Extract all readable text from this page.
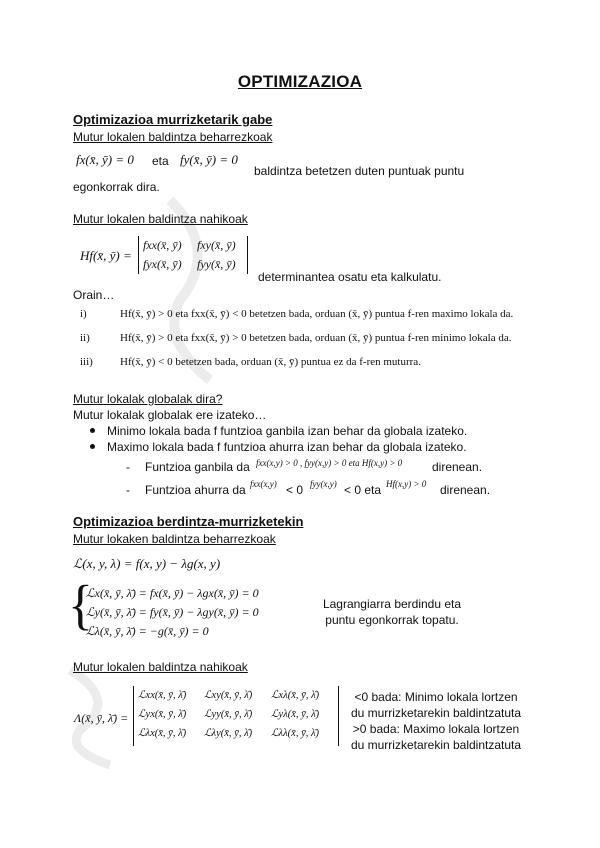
OPTIMIZAZIOA
Optimizazioa murrizketarik gabe
Mutur lokalen baldintza beharrezkoak
fx(x̄, ȳ) = 0 eta fy(x̄, ȳ) = 0
baldintza betetzen duten puntuak puntu
egonkorrak dira.
Mutur lokalen baldintza nahikoak
Hf(x̄, ȳ) =
fxx(x̄, ȳ) fxy(x̄, ȳ)
fyx(x̄, ȳ) fyy(x̄, ȳ)
determinantea osatu eta kalkulatu.
Orain…
i)	Hf(x̄, ȳ) > 0 eta fxx(x̄, ȳ) < 0 betetzen bada, orduan (x̄, ȳ) puntua f-ren maximo lokala da.
ii)	Hf(x̄, ȳ) > 0 eta fxx(x̄, ȳ) > 0 betetzen bada, orduan (x̄, ȳ) puntua f-ren minimo lokala da.
iii) Hf(x̄, ȳ) < 0 betetzen bada, orduan (x̄, ȳ) puntua ez da f-ren muturra.
Mutur lokalak globalak dira?
Mutur lokalak globalak ere izateko…
Minimo lokala bada f funtzioa ganbila izan behar da globala izateko.
Maximo lokala bada f funtzioa ahurra izan behar da globala izateko.
- Funtzioa ganbila da fxx(x,y) > 0 , fyy(x,y) > 0 eta Hf(x,y) > 0 direnean.
- Funtzioa ahurra da fxx(x,y) < 0 fyy(x,y) < 0 eta Hf(x,y) > 0 direnean.
Optimizazioa berdintza-murrizketekin
Mutur lokaken baldintza beharrezkoak
ℒ(x, y, λ) = f(x, y) − λg(x, y)
{
ℒx(x̄, ȳ, λ̄) = fx(x̄, ȳ) − λgx(x̄, ȳ) = 0
ℒy(x̄, ȳ, λ̄) = fy(x̄, ȳ) − λgy(x̄, ȳ) = 0
ℒλ(x̄, ȳ, λ̄) = −g(x̄, ȳ) = 0
Lagrangiarra berdindu eta puntu egonkorrak topatu.
Mutur lokalen baldintza nahikoak
Λ(x̄, ȳ, λ̄) =
ℒxx(x̄, ȳ, λ̄) ℒxy(x̄, ȳ, λ̄) ℒxλ(x̄, ȳ, λ̄)
ℒyx(x̄, ȳ, λ̄) ℒyy(x̄, ȳ, λ̄) ℒyλ(x̄, ȳ, λ̄)
ℒλx(x̄, ȳ, λ̄) ℒλy(x̄, ȳ, λ̄) ℒλλ(x̄, ȳ, λ̄)
<0 bada: Minimo lokala lortzen
du murrizketarekin baldintzatuta
>0 bada: Maximo lokala lortzen
du murrizketarekin baldintzatuta
